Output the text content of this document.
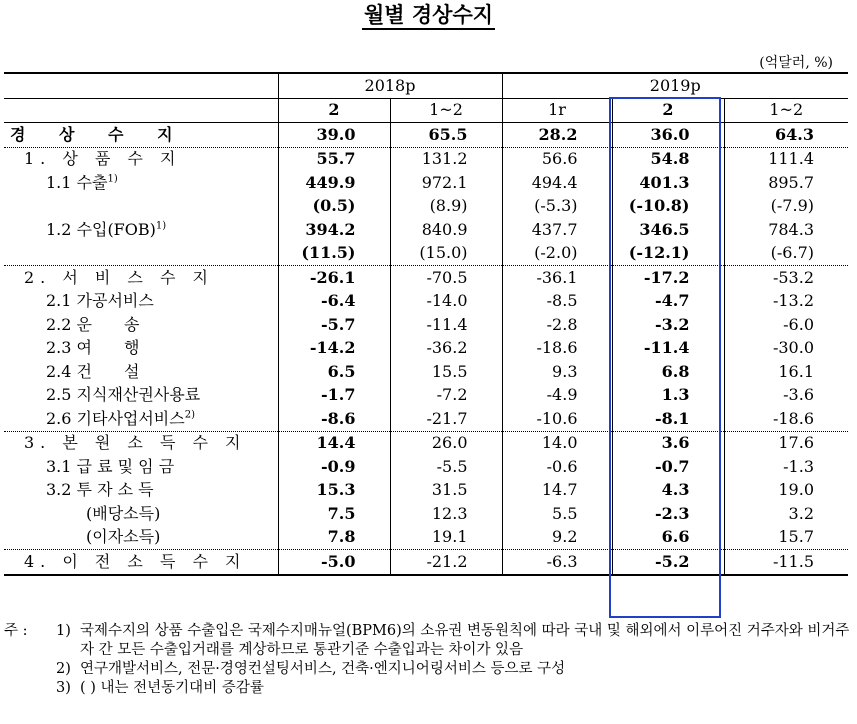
월별 경상수지
(억달러, %)
	2018p		2019p		
	2	1~2	1r	2	1~2
경 상 수 지	39.0	65.5	28.2	36.0	64.3
1. 상 품 수 지	55.7	131.2	56.6	54.8	111.4
1.1 수출$^{1)}$	449.9	972.1	494.4	401.3	895.7
	(0.5)	(8.9)	(-5.3)	(-10.8)	(-7.9)
1.2 수입(FOB)$^{1)}$	394.2	840.9	437.7	346.5	784.3
	(11.5)	(15.0)	(-2.0)	(-12.1)	(-6.7)
2. 서 비 스 수 지	-26.1	-70.5	-36.1	-17.2	-53.2
2.1 가공서비스	-6.4	-14.0	-8.5	-4.7	-13.2
2.2 운　　송	-5.7	-11.4	-2.8	-3.2	-6.0
2.3 여　　행	-14.2	-36.2	-18.6	-11.4	-30.0
2.4 건　　설	6.5	15.5	9.3	6.8	16.1
2.5 지식재산권사용료	-1.7	-7.2	-4.9	1.3	-3.6
2.6 기타사업서비스$^{2)}$	-8.6	-21.7	-10.6	-8.1	-18.6
3. 본 원 소 득 수 지	14.4	26.0	14.0	3.6	17.6
3.1 급 료 및 임 금	-0.9	-5.5	-0.6	-0.7	-1.3
3.2 투 자 소 득	15.3	31.5	14.7	4.3	19.0
(배당소득)	7.5	12.3	5.5	-2.3	3.2
(이자소득)	7.8	19.1	9.2	6.6	15.7
4. 이 전 소 득 수 지	-5.0	-21.2	-6.3	-5.2	-11.5
주 :	1) 국제수지의 상품 수출입은 국제수지매뉴얼(BPM6)의 소유권 변동원칙에 따라 국내 및 해외에서 이루어진 거주자와 비거주자 간 모든 수출입거래를 계상하므로 통관기준 수출입과는 차이가 있음
2) 연구개발서비스, 전문·경영컨설팅서비스, 건축·엔지니어링서비스 등으로 구성
3) ( ) 내는 전년동기대비 증감률
